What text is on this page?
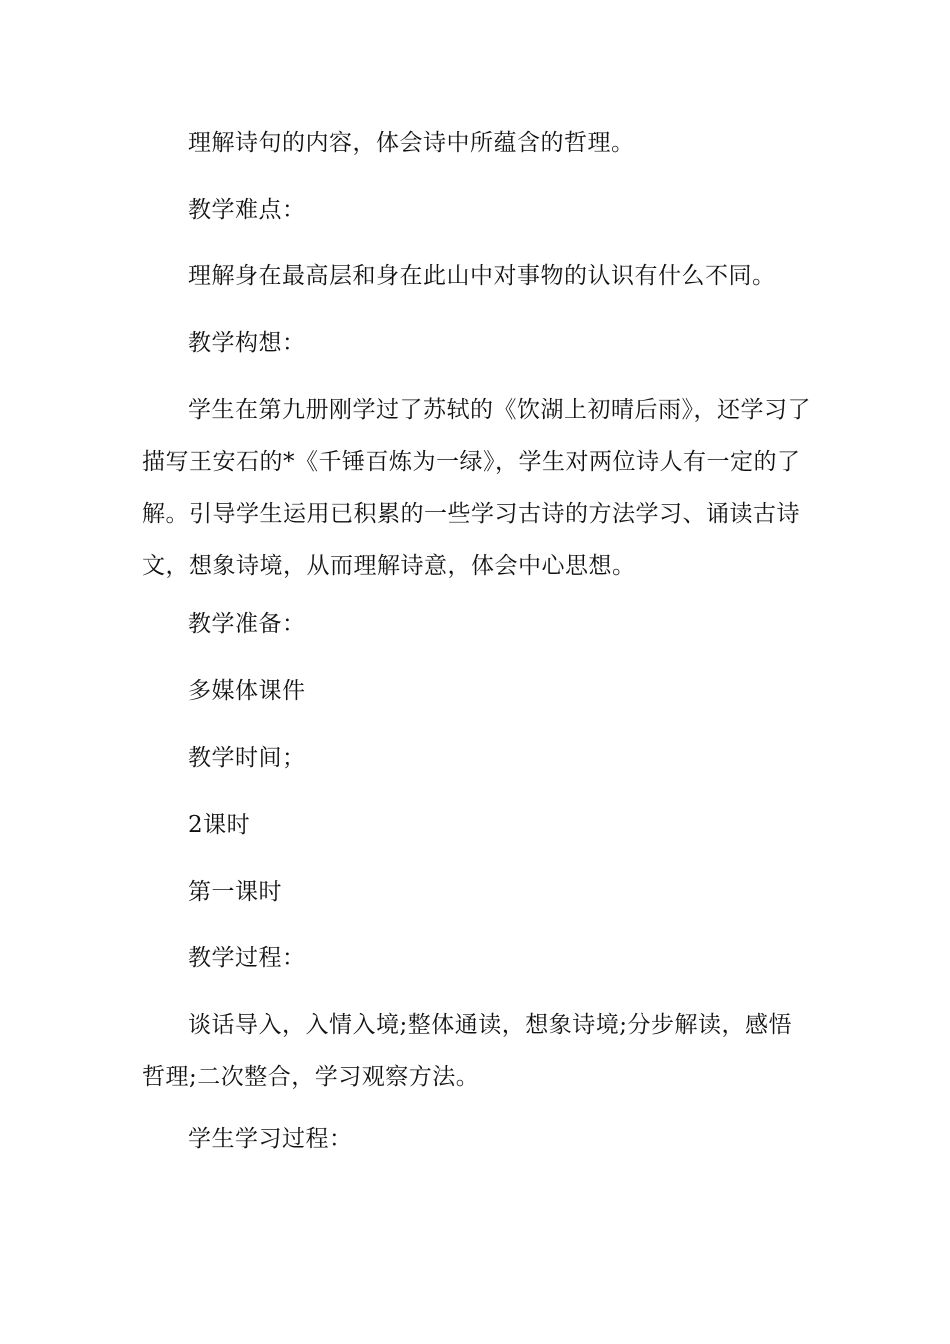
理解诗句的内容，体会诗中所蕴含的哲理。

教学难点：

理解身在最高层和身在此山中对事物的认识有什么不同。

教学构想：

学生在第九册刚学过了苏轼的《饮湖上初晴后雨》，还学习了描写王安石的*《千锤百炼为一绿》，学生对两位诗人有一定的了解。引导学生运用已积累的一些学习古诗的方法学习、诵读古诗文，想象诗境，从而理解诗意，体会中心思想。

教学准备：

多媒体课件

教学时间；

2课时

第一课时

教学过程：

谈话导入，入情入境;整体通读，想象诗境;分步解读，感悟哲理;二次整合，学习观察方法。

学生学习过程：
